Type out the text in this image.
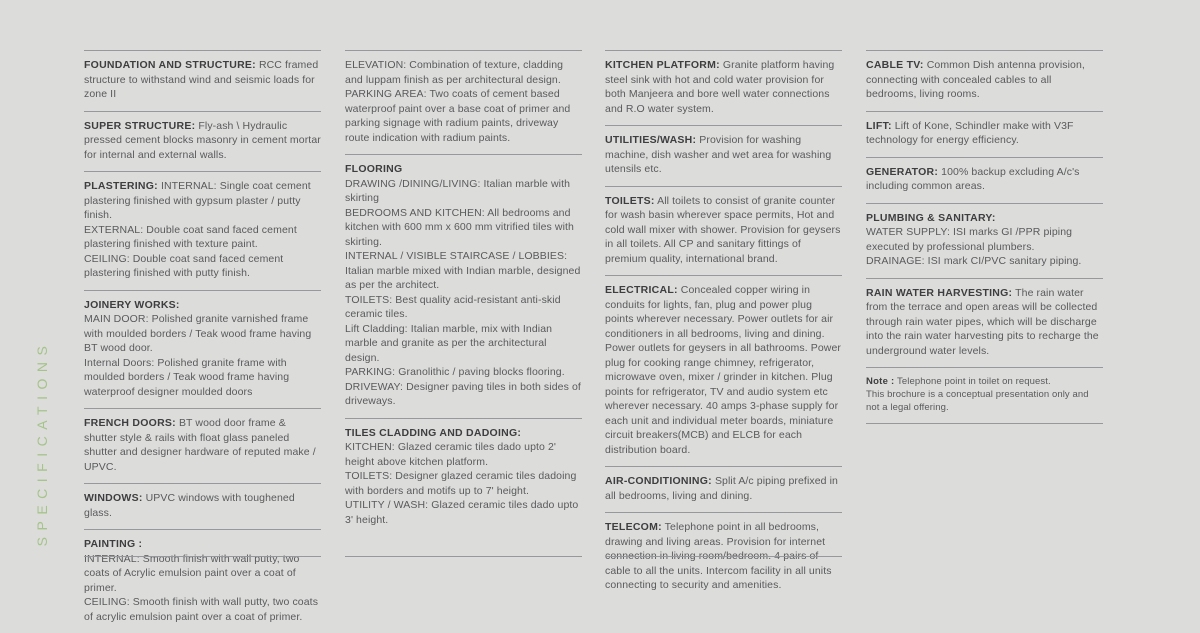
SPECIFICATIONS

FOUNDATION AND STRUCTURE: RCC framed structure to withstand wind and seismic loads for zone II

SUPER STRUCTURE: Fly-ash \ Hydraulic pressed cement blocks masonry in cement mortar for internal and external walls.

PLASTERING: INTERNAL: Single coat cement plastering finished with gypsum plaster / putty finish.

EXTERNAL: Double coat sand faced cement plastering finished with texture paint.

CEILING: Double coat sand faced cement plastering finished with putty finish.

JOINERY WORKS:

MAIN DOOR: Polished granite varnished frame with moulded borders / Teak wood frame having BT wood door.

Internal Doors: Polished granite frame with moulded borders / Teak wood frame having waterproof designer moulded doors

FRENCH DOORS: BT wood door frame & shutter style & rails with float glass paneled shutter and designer hardware of reputed make / UPVC.

WINDOWS: UPVC windows with toughened glass.

PAINTING :

INTERNAL: Smooth finish with wall putty, two coats of Acrylic emulsion paint over a coat of primer.

CEILING: Smooth finish with wall putty, two coats of acrylic emulsion paint over a coat of primer.

ELEVATION: Combination of texture, cladding and luppam finish as per architectural design.

PARKING AREA: Two coats of cement based waterproof paint over a base coat of primer and parking signage with radium paints, driveway route indication with radium paints.

FLOORING

DRAWING /DINING/LIVING: Italian marble with skirting

BEDROOMS AND KITCHEN: All bedrooms and kitchen with 600 mm x 600 mm vitrified tiles with skirting.

INTERNAL / VISIBLE STAIRCASE / LOBBIES: Italian marble mixed with Indian marble, designed as per the architect.

TOILETS: Best quality acid-resistant anti-skid ceramic tiles.

Lift Cladding: Italian marble, mix with Indian marble and granite as per the architectural design.

PARKING: Granolithic / paving blocks flooring.

DRIVEWAY: Designer paving tiles in both sides of driveways.

TILES CLADDING AND DADOING:

KITCHEN: Glazed ceramic tiles dado upto 2' height above kitchen platform.

TOILETS: Designer glazed ceramic tiles dadoing with borders and motifs up to 7' height.

UTILITY / WASH: Glazed ceramic tiles dado upto 3' height.

KITCHEN PLATFORM: Granite platform having steel sink with hot and cold water provision for both Manjeera and bore well water connections and R.O water system.

UTILITIES/WASH: Provision for washing machine, dish washer and wet area for washing utensils etc.

TOILETS: All toilets to consist of granite counter for wash basin wherever space permits, Hot and cold wall mixer with shower. Provision for geysers in all toilets. All CP and sanitary fittings of premium quality, international brand.

ELECTRICAL: Concealed copper wiring in conduits for lights, fan, plug and power plug points wherever necessary. Power outlets for air conditioners in all bedrooms, living and dining. Power outlets for geysers in all bathrooms. Power plug for cooking range chimney, refrigerator, microwave oven, mixer / grinder in kitchen. Plug points for refrigerator, TV and audio system etc wherever necessary. 40 amps 3-phase supply for each unit and individual meter boards, miniature circuit breakers(MCB) and ELCB for each distribution board.

AIR-CONDITIONING: Split A/c piping prefixed in all bedrooms, living and dining.

TELECOM: Telephone point in all bedrooms, drawing and living areas. Provision for internet connection in living room/bedroom. 4 pairs of cable to all the units. Intercom facility in all units connecting to security and amenities.

CABLE TV: Common Dish antenna provision, connecting with concealed cables to all bedrooms, living rooms.

LIFT: Lift of Kone, Schindler make with V3F technology for energy efficiency.

GENERATOR: 100% backup excluding A/c's including common areas.

PLUMBING & SANITARY:

WATER SUPPLY: ISI marks GI /PPR piping executed by professional plumbers.

DRAINAGE: ISI mark CI/PVC sanitary piping.

RAIN WATER HARVESTING: The rain water from the terrace and open areas will be collected through rain water pipes, which will be discharge into the rain water harvesting pits to recharge the underground water levels.

Note : Telephone point in toilet on request.

This brochure is a conceptual presentation only and not a legal offering.
